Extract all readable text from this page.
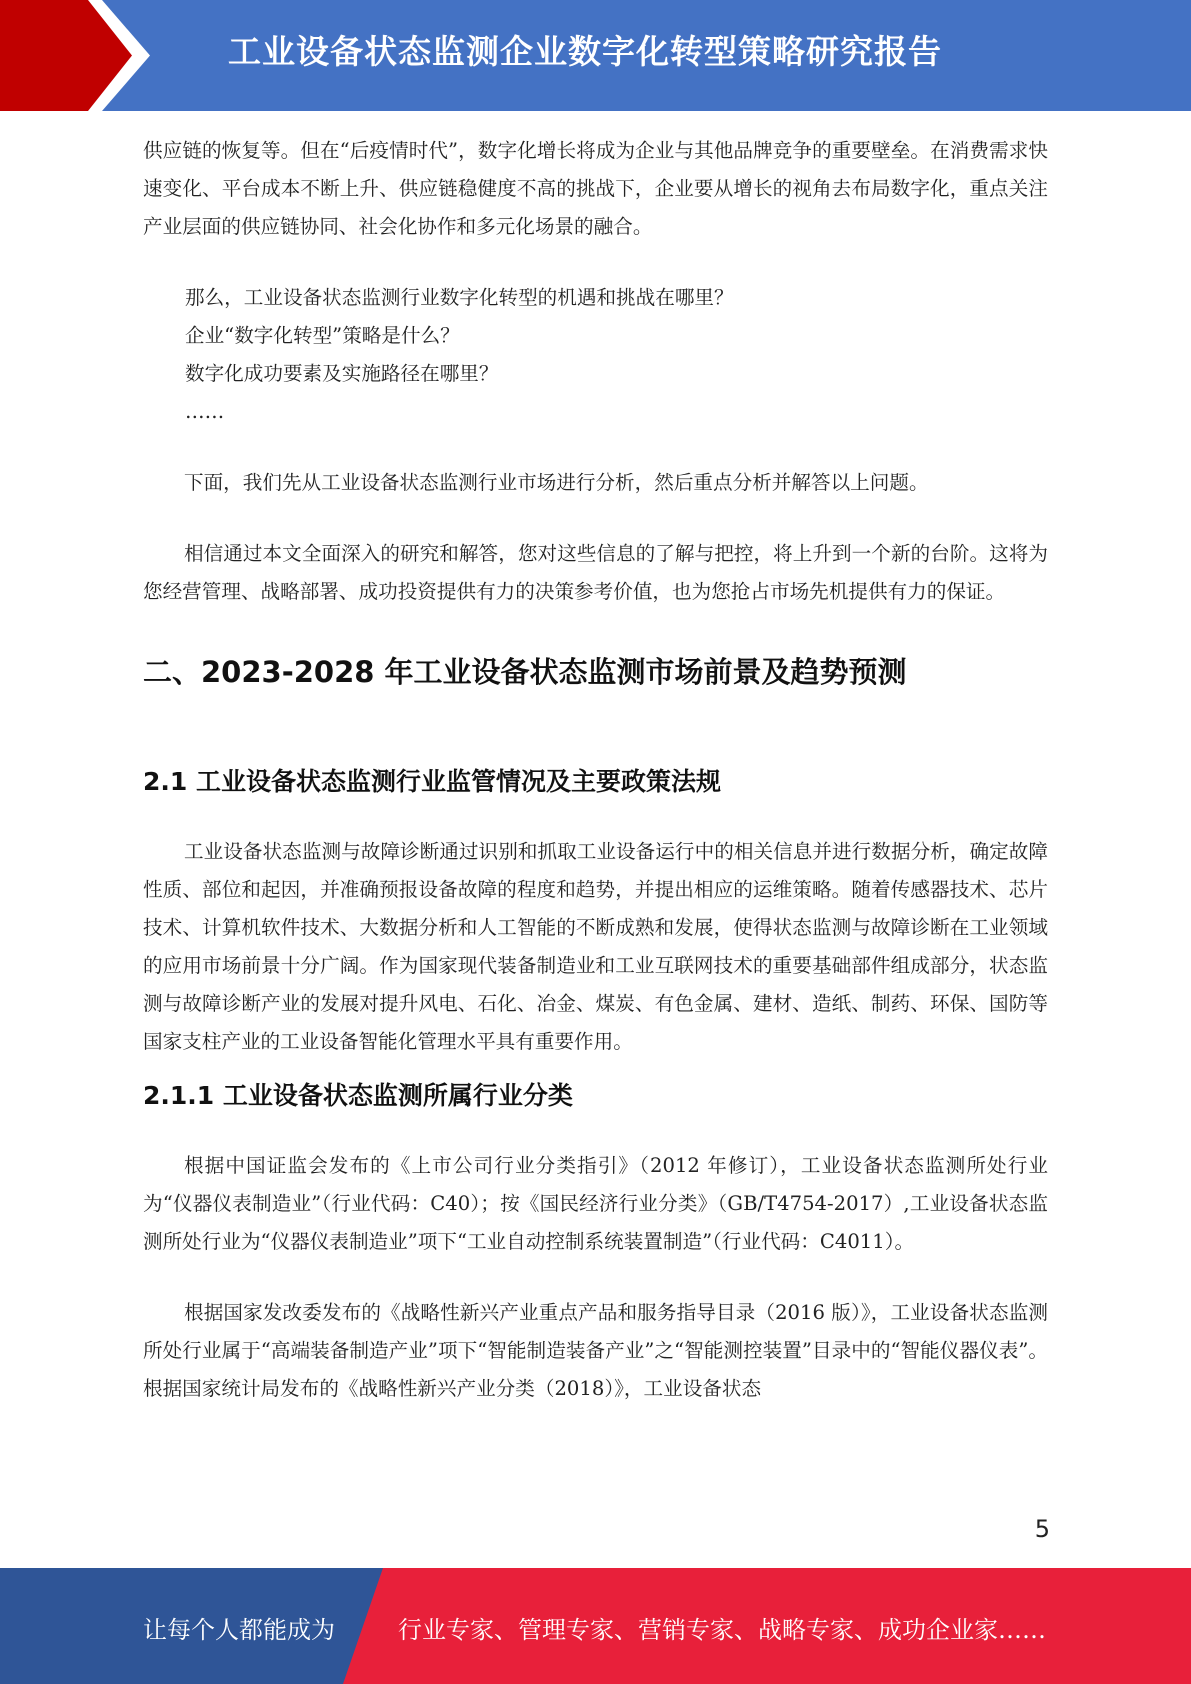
工业设备状态监测企业数字化转型策略研究报告

供应链的恢复等。但在“后疫情时代”，数字化增长将成为企业与其他品牌竞争的重要壁垒。在消费需求快速变化、平台成本不断上升、供应链稳健度不高的挑战下，企业要从增长的视角去布局数字化，重点关注产业层面的供应链协同、社会化协作和多元化场景的融合。

那么，工业设备状态监测行业数字化转型的机遇和挑战在哪里？

企业“数字化转型”策略是什么？

数字化成功要素及实施路径在哪里？

……

下面，我们先从工业设备状态监测行业市场进行分析，然后重点分析并解答以上问题。

相信通过本文全面深入的研究和解答，您对这些信息的了解与把控，将上升到一个新的台阶。这将为您经营管理、战略部署、成功投资提供有力的决策参考价值，也为您抢占市场先机提供有力的保证。

二、2023-2028 年工业设备状态监测市场前景及趋势预测
2.1 工业设备状态监测行业监管情况及主要政策法规

工业设备状态监测与故障诊断通过识别和抓取工业设备运行中的相关信息并进行数据分析，确定故障性质、部位和起因，并准确预报设备故障的程度和趋势，并提出相应的运维策略。随着传感器技术、芯片技术、计算机软件技术、大数据分析和人工智能的不断成熟和发展，使得状态监测与故障诊断在工业领域的应用市场前景十分广阔。作为国家现代装备制造业和工业互联网技术的重要基础部件组成部分，状态监测与故障诊断产业的发展对提升风电、石化、冶金、煤炭、有色金属、建材、造纸、制药、环保、国防等国家支柱产业的工业设备智能化管理水平具有重要作用。

2.1.1 工业设备状态监测所属行业分类

根据中国证监会发布的《上市公司行业分类指引》（2012 年修订），工业设备状态监测所处行业为“仪器仪表制造业”（行业代码：C40）；按《国民经济行业分类》（GB/T4754-2017）,工业设备状态监测所处行业为“仪器仪表制造业”项下“工业自动控制系统装置制造”（行业代码：C4011）。

根据国家发改委发布的《战略性新兴产业重点产品和服务指导目录（2016 版）》，工业设备状态监测所处行业属于“高端装备制造产业”项下“智能制造装备产业”之“智能测控装置”目录中的“智能仪器仪表”。根据国家统计局发布的《战略性新兴产业分类（2018）》，工业设备状态

5
让每个人都能成为	行业专家、管理专家、营销专家、战略专家、成功企业家……
